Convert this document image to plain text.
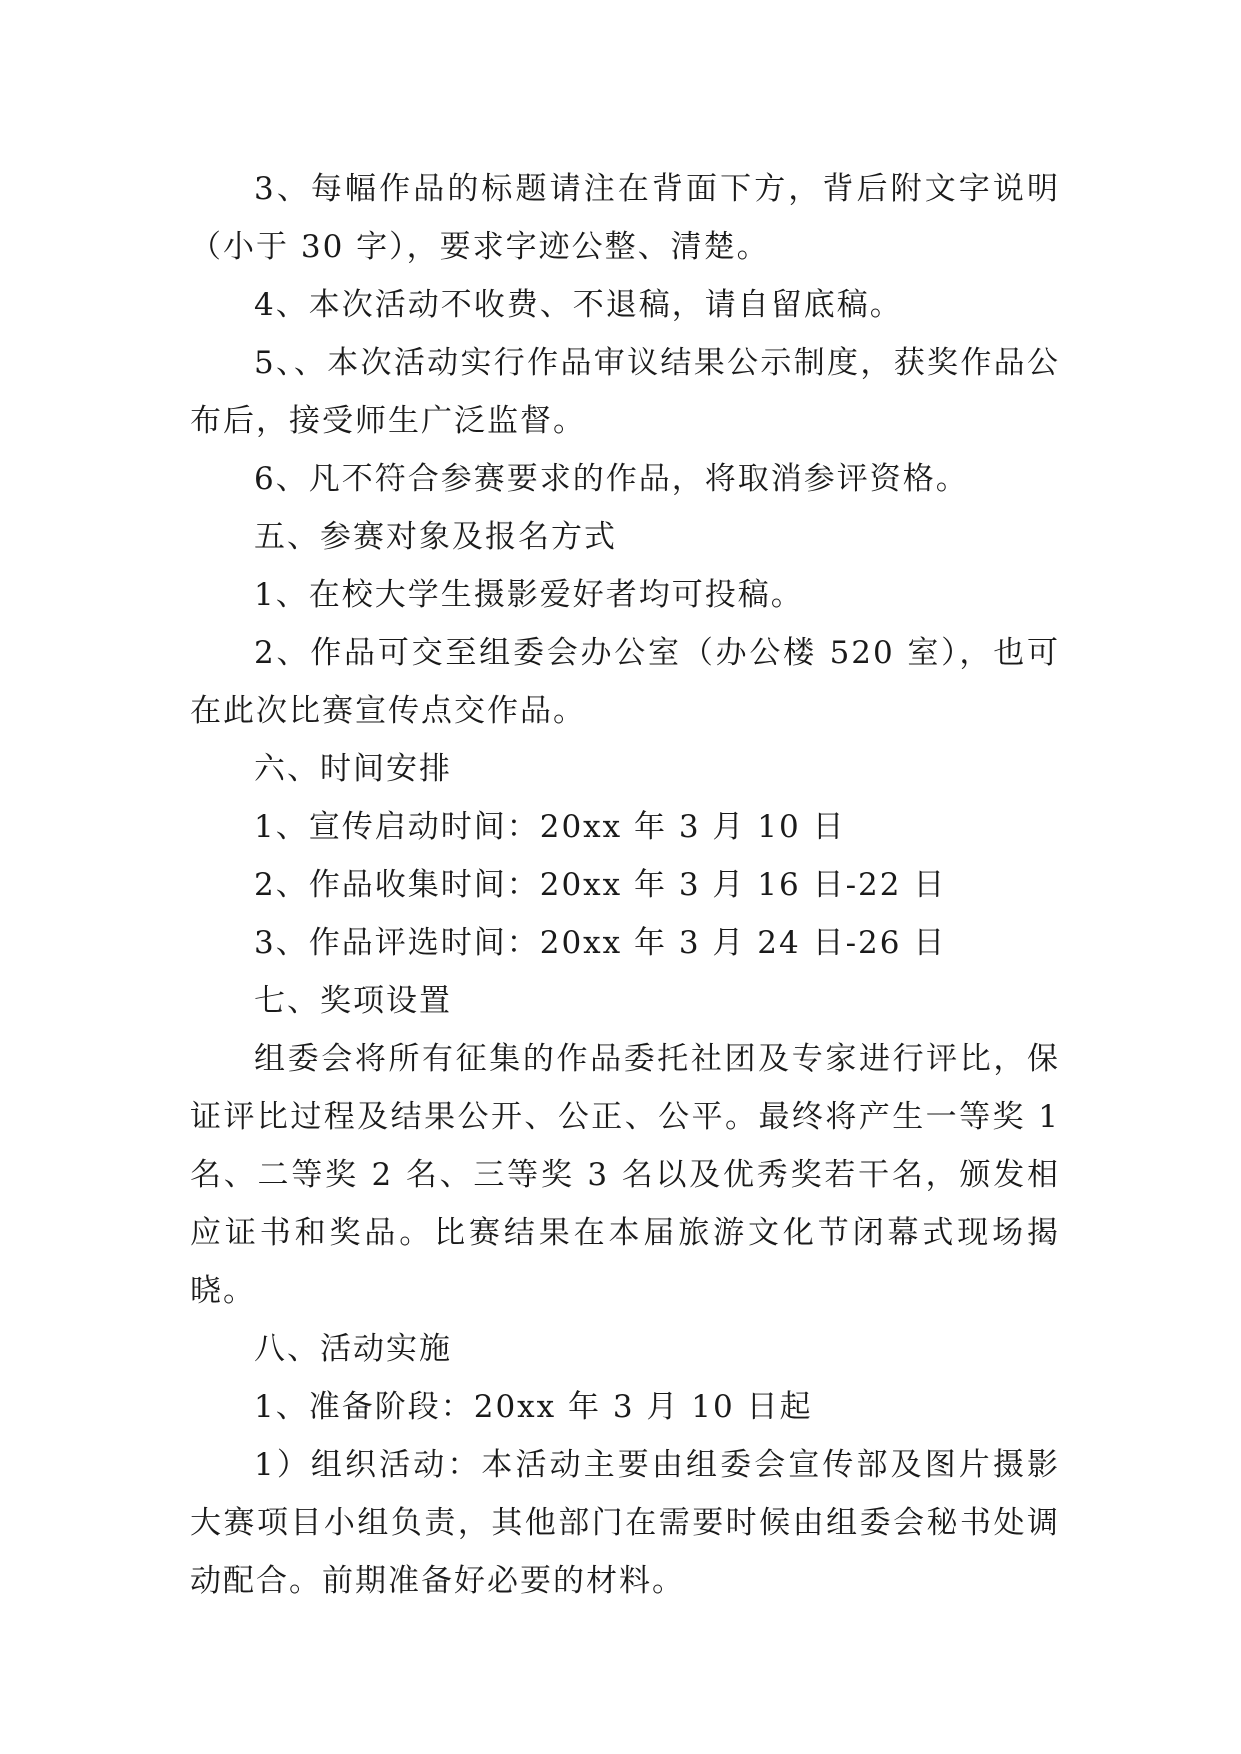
3、每幅作品的标题请注在背面下方，背后附文字说明（小于 30 字），要求字迹公整、清楚。

4、本次活动不收费、不退稿，请自留底稿。

5、、本次活动实行作品审议结果公示制度，获奖作品公布后，接受师生广泛监督。

6、凡不符合参赛要求的作品，将取消参评资格。

五、参赛对象及报名方式

1、在校大学生摄影爱好者均可投稿。

2、作品可交至组委会办公室（办公楼 520 室），也可在此次比赛宣传点交作品。

六、时间安排

1、宣传启动时间：20xx 年 3 月 10 日

2、作品收集时间：20xx 年 3 月 16 日-22 日

3、作品评选时间：20xx 年 3 月 24 日-26 日

七、奖项设置

组委会将所有征集的作品委托社团及专家进行评比，保证评比过程及结果公开、公正、公平。最终将产生一等奖 1 名、二等奖 2 名、三等奖 3 名以及优秀奖若干名，颁发相应证书和奖品。比赛结果在本届旅游文化节闭幕式现场揭晓。

八、活动实施

1、准备阶段：20xx 年 3 月 10 日起

1）组织活动：本活动主要由组委会宣传部及图片摄影大赛项目小组负责，其他部门在需要时候由组委会秘书处调动配合。前期准备好必要的材料。
